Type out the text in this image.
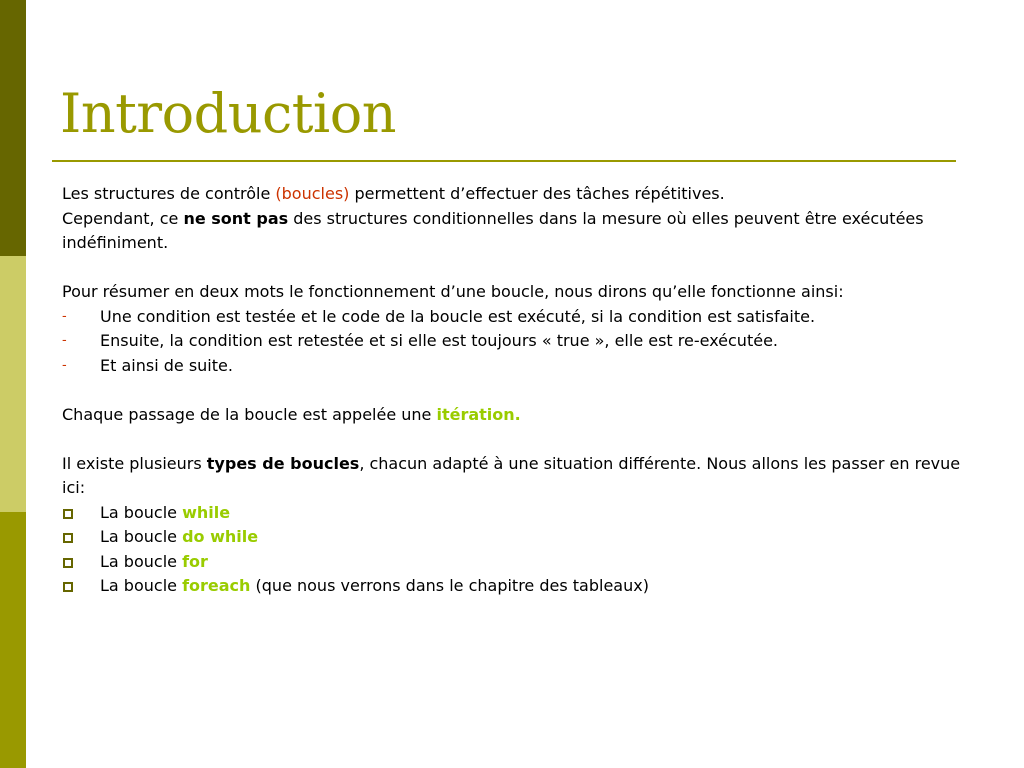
Introduction

Les structures de contrôle (boucles) permettent d’effectuer des tâches répétitives.

Cependant, ce ne sont pas des structures conditionnelles dans la mesure où elles peuvent être exécutées indéfiniment.

Pour résumer en deux mots le fonctionnement d’une boucle, nous dirons qu’elle fonctionne ainsi:

-	Une condition est testée et le code de la boucle est exécuté, si la condition est satisfaite.
-	Ensuite, la condition est retestée et si elle est toujours « true », elle est re-exécutée.
-	Et ainsi de suite.

Chaque passage de la boucle est appelée une itération.

Il existe plusieurs types de boucles, chacun adapté à une situation différente. Nous allons les passer en revue ici:

La boucle while
La boucle do while
La boucle for
La boucle foreach (que nous verrons dans le chapitre des tableaux)
